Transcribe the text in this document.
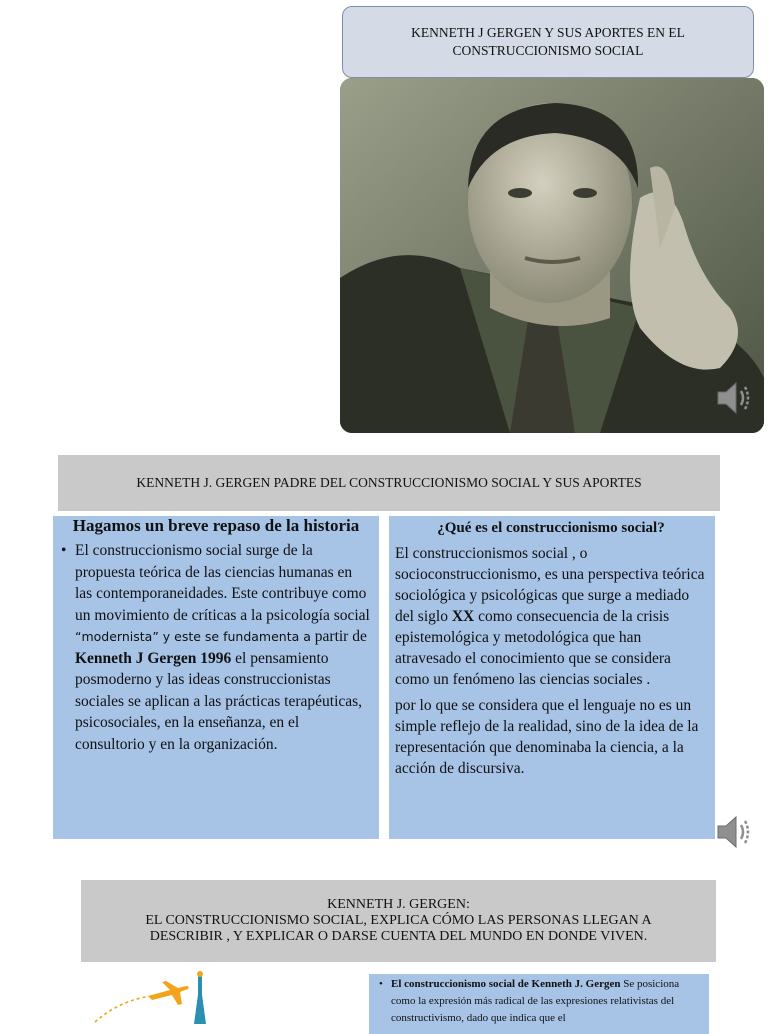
KENNETH J GERGEN Y SUS APORTES EN EL
CONSTRUCCIONISMO SOCIAL
KENNETH J. GERGEN PADRE DEL CONSTRUCCIONISMO SOCIAL Y SUS APORTES
Hagamos un breve repaso de la historia
• El construccionismo social surge de la propuesta teórica de las ciencias humanas en las contemporaneidades. Este contribuye como un movimiento de críticas a la psicología social “modernista” y este se fundamenta a partir de Kenneth J Gergen 1996 el pensamiento posmoderno y las ideas construccionistas sociales se aplican a las prácticas terapéuticas, psicosociales, en la enseñanza, en el consultorio y en la organización.
¿Qué es el construccionismo social?

El construccionismos social , o socioconstruccionismo, es una perspectiva teórica sociológica y psicológicas que surge a mediado del siglo XX como consecuencia de la crisis epistemológica y metodológica que han atravesado el conocimiento que se considera como un fenómeno las ciencias sociales .

por lo que se considera que el lenguaje no es un simple reflejo de la realidad, sino de la idea de la representación que denominaba la ciencia, a la acción de discursiva.

KENNETH J. GERGEN:
EL CONSTRUCCIONISMO SOCIAL, EXPLICA CÓMO LAS PERSONAS LLEGAN A
DESCRIBIR , Y EXPLICAR O DARSE CUENTA DEL MUNDO EN DONDE VIVEN.
• El construccionismo social de Kenneth J. Gergen Se posiciona como la expresión más radical de las expresiones relativistas del constructivismo, dado que indica que el
